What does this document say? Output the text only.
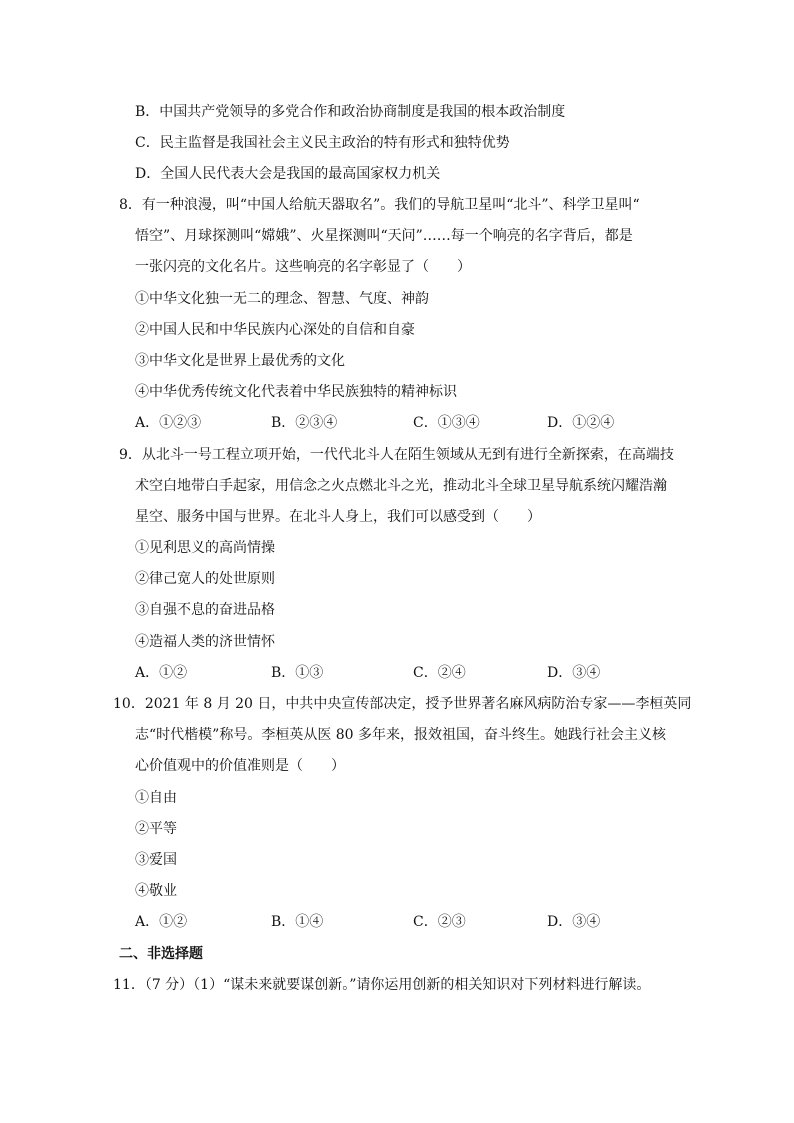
B．中国共产党领导的多党合作和政治协商制度是我国的根本政治制度
C．民主监督是我国社会主义民主政治的特有形式和独特优势
D．全国人民代表大会是我国的最高国家权力机关
8．有一种浪漫，叫“中国人给航天器取名”。我们的导航卫星叫“北斗”、科学卫星叫“
悟空”、月球探测叫“嫦娥”、火星探测叫“天问”……每一个响亮的名字背后，都是
一张闪亮的文化名片。这些响亮的名字彰显了（　　）
①中华文化独一无二的理念、智慧、气度、神韵
②中国人民和中华民族内心深处的自信和自豪
③中华文化是世界上最优秀的文化
④中华优秀传统文化代表着中华民族独特的精神标识
A．①②③	B．②③④	C．①③④	D．①②④
9．从北斗一号工程立项开始，一代代北斗人在陌生领域从无到有进行全新探索，在高端技
术空白地带白手起家，用信念之火点燃北斗之光，推动北斗全球卫星导航系统闪耀浩瀚
星空、服务中国与世界。在北斗人身上，我们可以感受到（　　）
①见利思义的高尚情操
②律己宽人的处世原则
③自强不息的奋进品格
④造福人类的济世情怀
A．①②	B．①③	C．②④	D．③④
10．2021 年 8 月 20 日，中共中央宣传部决定，授予世界著名麻风病防治专家——李桓英同
志“时代楷模”称号。李桓英从医 80 多年来，报效祖国，奋斗终生。她践行社会主义核
心价值观中的价值准则是（　　）
①自由
②平等
③爱国
④敬业
A．①②	B．①④	C．②③	D．③④
二、非选择题
11．（7 分）（1）“谋未来就要谋创新。”请你运用创新的相关知识对下列材料进行解读。
